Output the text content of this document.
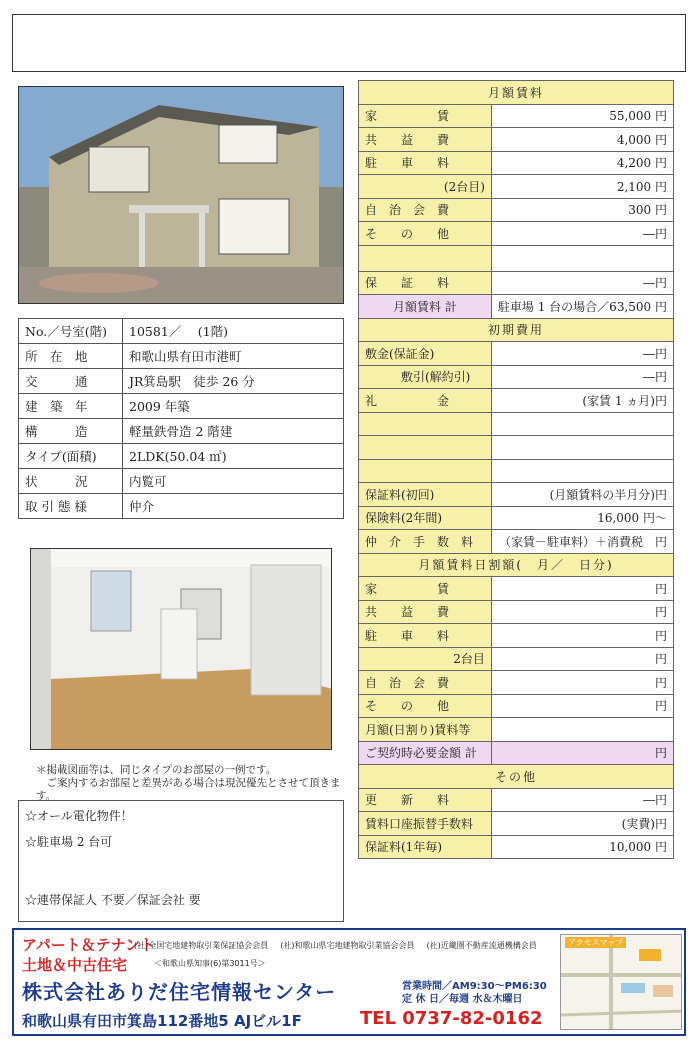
No.／号室(階)	10581／　 (1階)
所　在　地	和歌山県有田市港町
交　　　通	JR箕島駅　徒歩 26 分
建　築　年	2009 年築
構　　　造	軽量鉄骨造 2 階建
タイプ(面積)	2LDK(50.04 ㎡)
状　　　況	内覧可
取 引 態 様	仲介
＊掲載図面等は、同じタイプのお部屋の一例です。
　ご案内するお部屋と差異がある場合は現況優先とさせて頂きます。
☆オール電化物件！
☆駐車場 2 台可
☆連帯保証人 不要／保証会社 要
月額賃料	
家　　　　　賃	55,000 円
共　　益　　費	4,000 円
駐　　車　　料	4,200 円
(2台目)	2,100 円
自　治　会　費	300 円
そ　　の　　他	―円

保　　証　　料	―円
月額賃料 計	駐車場 1 台の場合／63,500 円
初期費用	
敷金(保証金)	―円
敷引(解約引)	―円
礼　　　　　金	(家賃 1 ヵ月)円

保証料(初回)	(月額賃料の半月分)円
保険料(2年間)	16,000 円～
仲　介　手　数　料	（家賃－駐車料）＋消費税　円
月額賃料日割額(　月／　日分)	
家　　　　　賃	円
共　　益　　費	円
駐　　車　　料	円
2台目	円
自　治　会　費	円
そ　　の　　他	円
月額(日割り)賃料等	
ご契約時必要金額 計	円
その他	
更　　新　　料	―円
賃料口座振替手数料	(実費)円
保証料(1年毎)	10,000 円
アパート＆テナント
土地＆中古住宅
(社)全国宅地建物取引業保証協会会員 (社)和歌山県宅地建物取引業協会会員 (社)近畿圏不動産流通機構会員
＜和歌山県知事(6)第3011号＞
株式会社ありだ住宅情報センター	営業時間／AM9:30～PM6:30
定 休 日／毎週 水＆木曜日
和歌山県有田市箕島112番地5 AJビル1F	TEL 0737-82-0162
アクセスマップ
